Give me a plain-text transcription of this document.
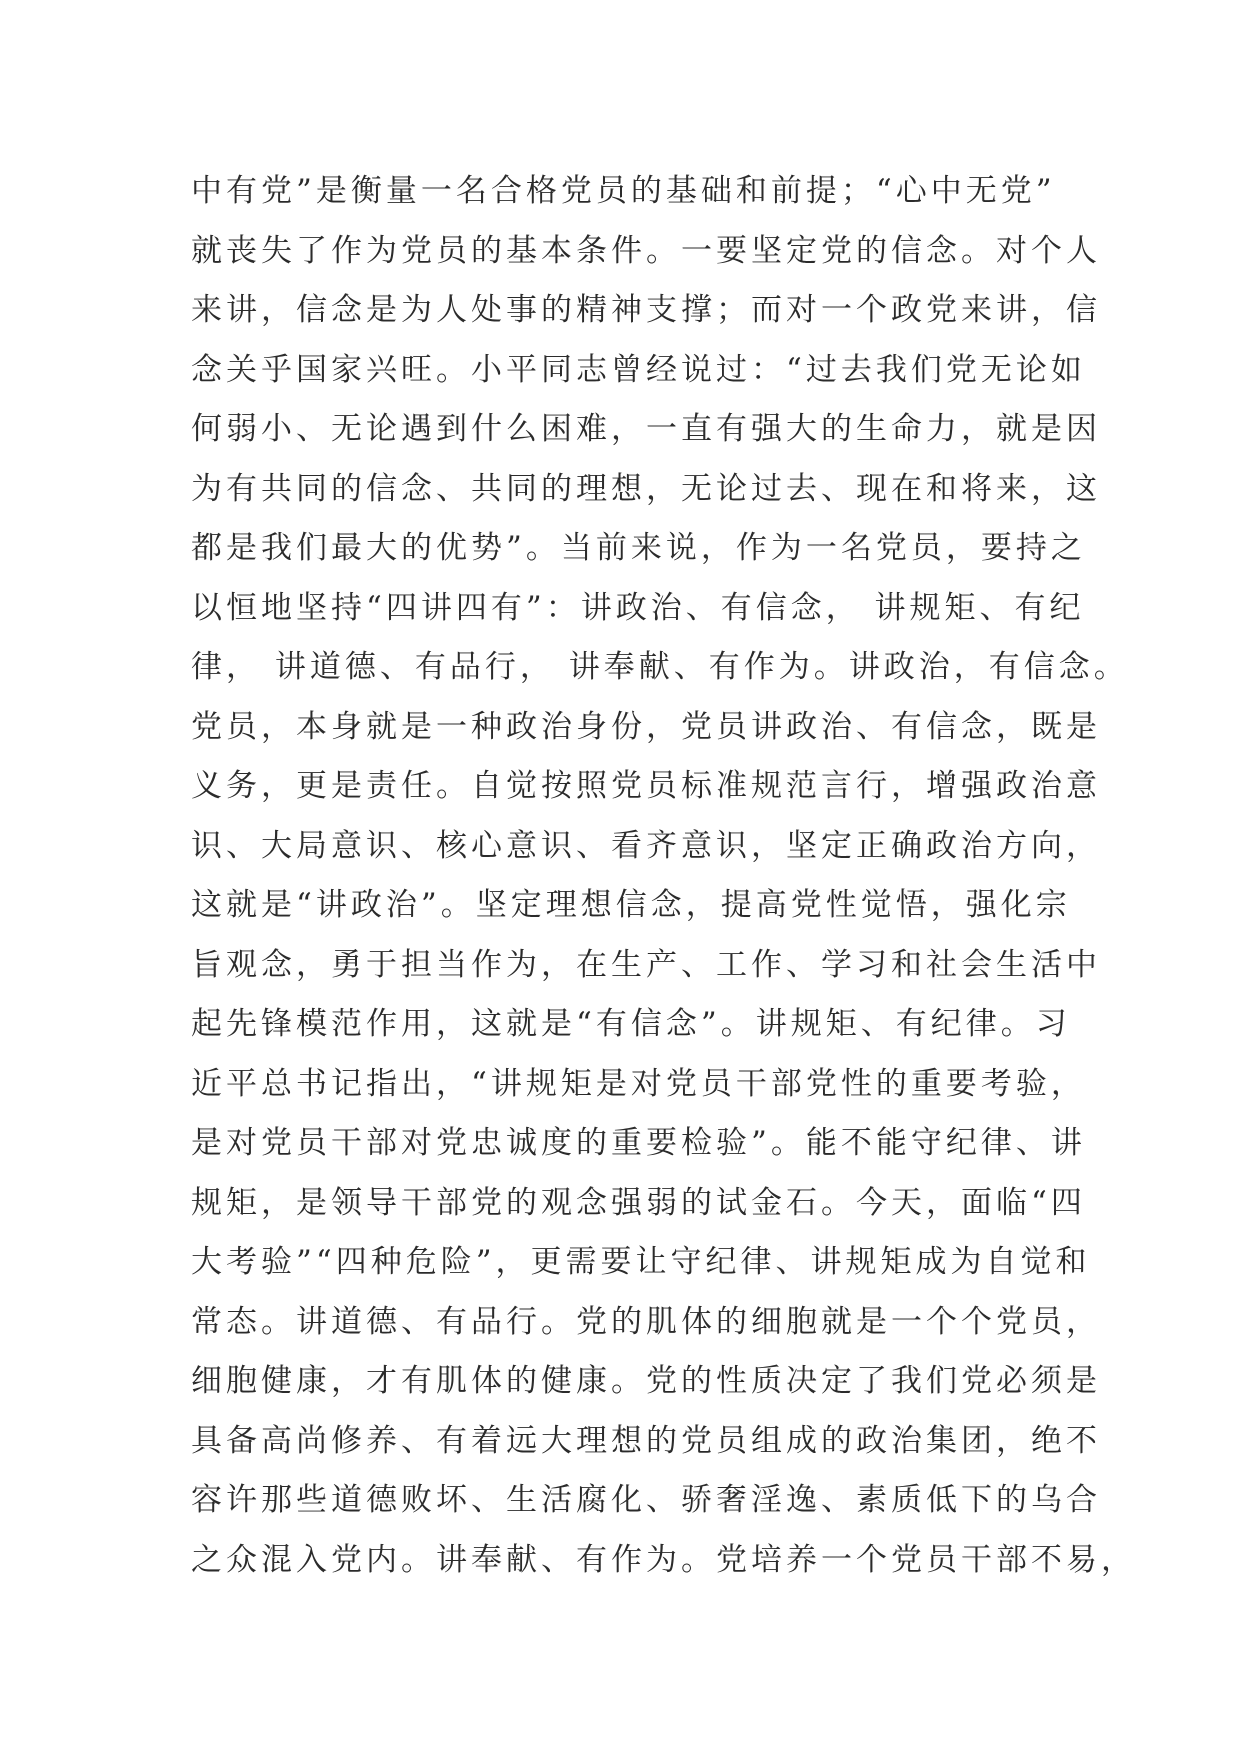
中有党”是衡量一名合格党员的基础和前提；“心中无党”
就丧失了作为党员的基本条件。一要坚定党的信念。对个人
来讲，信念是为人处事的精神支撑；而对一个政党来讲，信
念关乎国家兴旺。小平同志曾经说过：“过去我们党无论如
何弱小、无论遇到什么困难，一直有强大的生命力，就是因
为有共同的信念、共同的理想，无论过去、现在和将来，这
都是我们最大的优势”。当前来说，作为一名党员，要持之
以恒地坚持“四讲四有”：讲政治、有信念， 讲规矩、有纪
律， 讲道德、有品行， 讲奉献、有作为。讲政治，有信念。
党员，本身就是一种政治身份，党员讲政治、有信念，既是
义务，更是责任。自觉按照党员标准规范言行，增强政治意
识、大局意识、核心意识、看齐意识，坚定正确政治方向，
这就是“讲政治”。坚定理想信念，提高党性觉悟，强化宗
旨观念，勇于担当作为，在生产、工作、学习和社会生活中
起先锋模范作用，这就是“有信念”。讲规矩、有纪律。习
近平总书记指出，“讲规矩是对党员干部党性的重要考验，
是对党员干部对党忠诚度的重要检验”。能不能守纪律、讲
规矩，是领导干部党的观念强弱的试金石。今天，面临“四
大考验”“四种危险”，更需要让守纪律、讲规矩成为自觉和
常态。讲道德、有品行。党的肌体的细胞就是一个个党员，
细胞健康，才有肌体的健康。党的性质决定了我们党必须是
具备高尚修养、有着远大理想的党员组成的政治集团，绝不
容许那些道德败坏、生活腐化、骄奢淫逸、素质低下的乌合
之众混入党内。讲奉献、有作为。党培养一个党员干部不易，
